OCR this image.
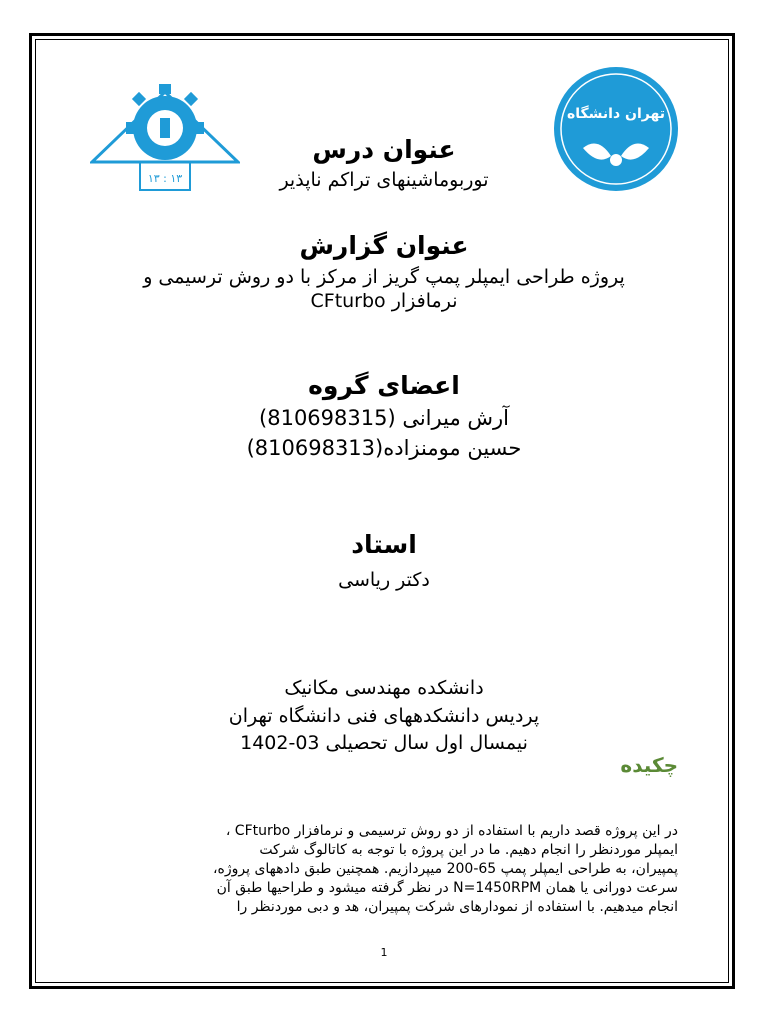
۱۳ : ۱۳
تهران دانشگاه
عنوان درس
توربوماشینهای تراکم ناپذیر
عنوان گزارش
پروژه طراحی ایمپلر پمپ گریز از مرکز با دو روش ترسیمی و
نرمافزار CFturbo
اعضای گروه
آرش میرانی (810698315)
حسین مومنزاده(810698313)
استاد
دکتر ریاسی
دانشکده مهندسی مکانیک
پردیس دانشکدههای فنی دانشگاه تهران
نیمسال اول سال تحصیلی 03-1402
چکیده
در این پروژه قصد داریم با استفاده از دو روش ترسیمی و نرمافزار CFturbo ،
ایمپلر موردنظر را انجام دهیم. ما در این پروژه با توجه به کاتالوگ شرکت
پمپیران، به طراحی ایمپلر پمپ 65-200 میپردازیم. همچنین طبق دادههای پروژه،
سرعت دورانی یا همان N=1450RPM در نظر گرفته میشود و طراحیها طبق آن
انجام میدهیم. با استفاده از نمودارهای شرکت پمپیران، هد و دبی موردنظر را
1
